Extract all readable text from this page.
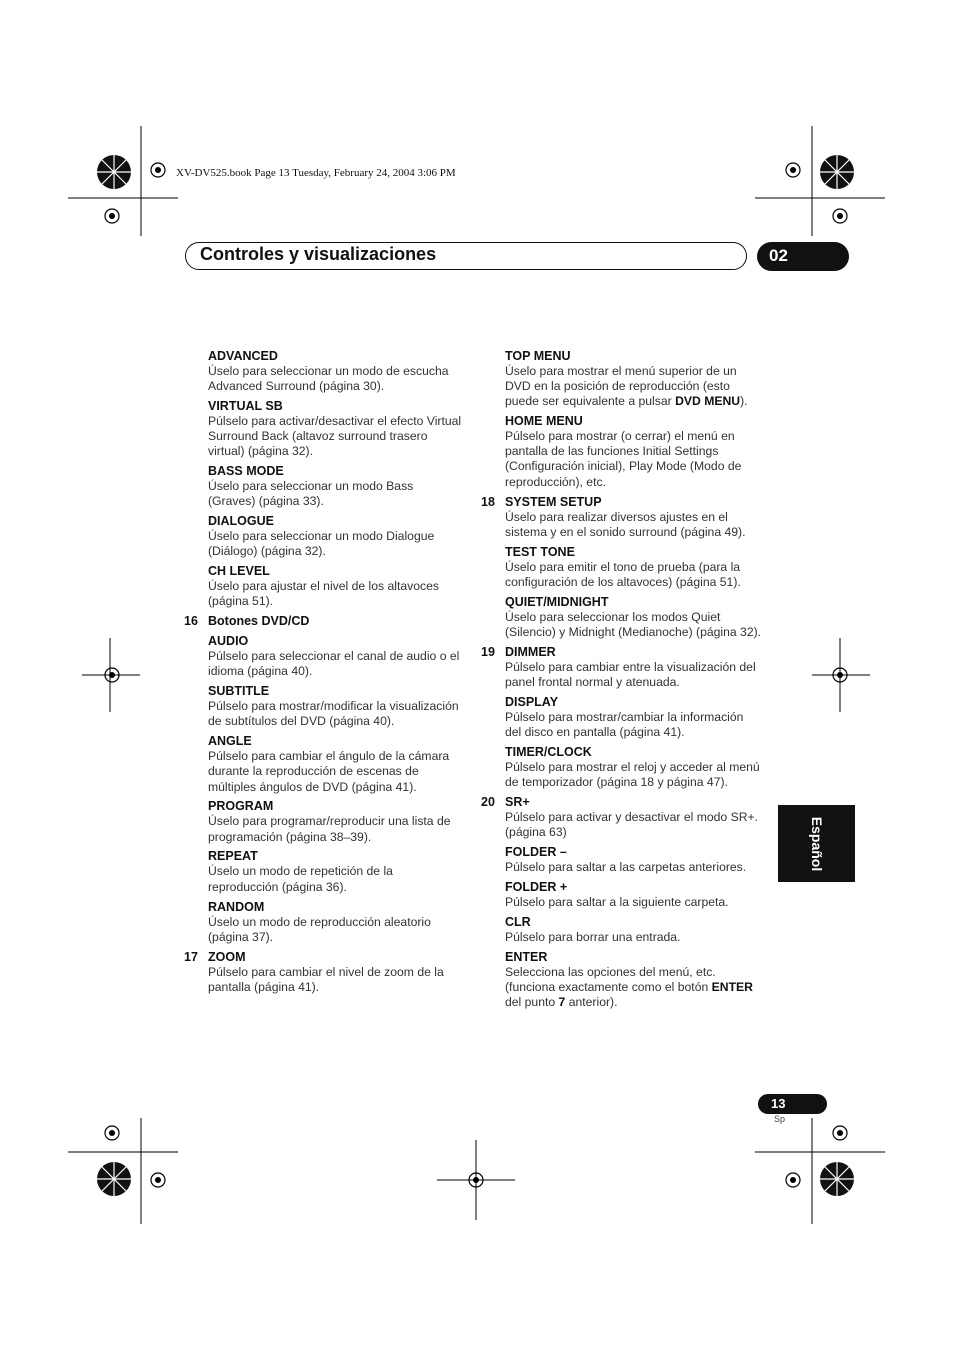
XV-DV525.book Page 13 Tuesday, February 24, 2004 3:06 PM
Controles y visualizaciones	02
Español
13
Sp
ADVANCED
Úselo para seleccionar un modo de escucha Advanced Surround (página 30).
VIRTUAL SB
Púlselo para activar/desactivar el efecto Virtual Surround Back (altavoz surround trasero virtual) (página 32).
BASS MODE
Úselo para seleccionar un modo Bass (Graves) (página 33).
DIALOGUE
Úselo para seleccionar un modo Dialogue (Diálogo) (página 32).
CH LEVEL
Úselo para ajustar el nivel de los altavoces (página 51).
16 Botones DVD/CD
AUDIO
Púlselo para seleccionar el canal de audio o el idioma (página 40).
SUBTITLE
Púlselo para mostrar/modificar la visualización de subtítulos del DVD (página 40).
ANGLE
Púlselo para cambiar el ángulo de la cámara durante la reproducción de escenas de múltiples ángulos de DVD (página 41).
PROGRAM
Úselo para programar/reproducir una lista de programación (página 38–39).
REPEAT
Úselo un modo de repetición de la reproducción (página 36).
RANDOM
Úselo un modo de reproducción aleatorio (página 37).
17 ZOOM
Púlselo para cambiar el nivel de zoom de la pantalla (página 41).
TOP MENU
Úselo para mostrar el menú superior de un DVD en la posición de reproducción (esto puede ser equivalente a pulsar DVD MENU).
HOME MENU
Púlselo para mostrar (o cerrar) el menú en pantalla de las funciones Initial Settings (Configuración inicial), Play Mode (Modo de reproducción), etc.
18 SYSTEM SETUP
Úselo para realizar diversos ajustes en el sistema y en el sonido surround (página 49).
TEST TONE
Úselo para emitir el tono de prueba (para la configuración de los altavoces) (página 51).
QUIET/MIDNIGHT
Úselo para seleccionar los modos Quiet (Silencio) y Midnight (Medianoche) (página 32).
19 DIMMER
Púlselo para cambiar entre la visualización del panel frontal normal y atenuada.
DISPLAY
Púlselo para mostrar/cambiar la información del disco en pantalla (página 41).
TIMER/CLOCK
Púlselo para mostrar el reloj y acceder al menú de temporizador (página 18 y página 47).
20 SR+
Púlselo para activar y desactivar el modo SR+. (página 63)
FOLDER –
Púlselo para saltar a las carpetas anteriores.
FOLDER +
Púlselo para saltar a la siguiente carpeta.
CLR
Púlselo para borrar una entrada.
ENTER
Selecciona las opciones del menú, etc. (funciona exactamente como el botón ENTER del punto 7 anterior).
